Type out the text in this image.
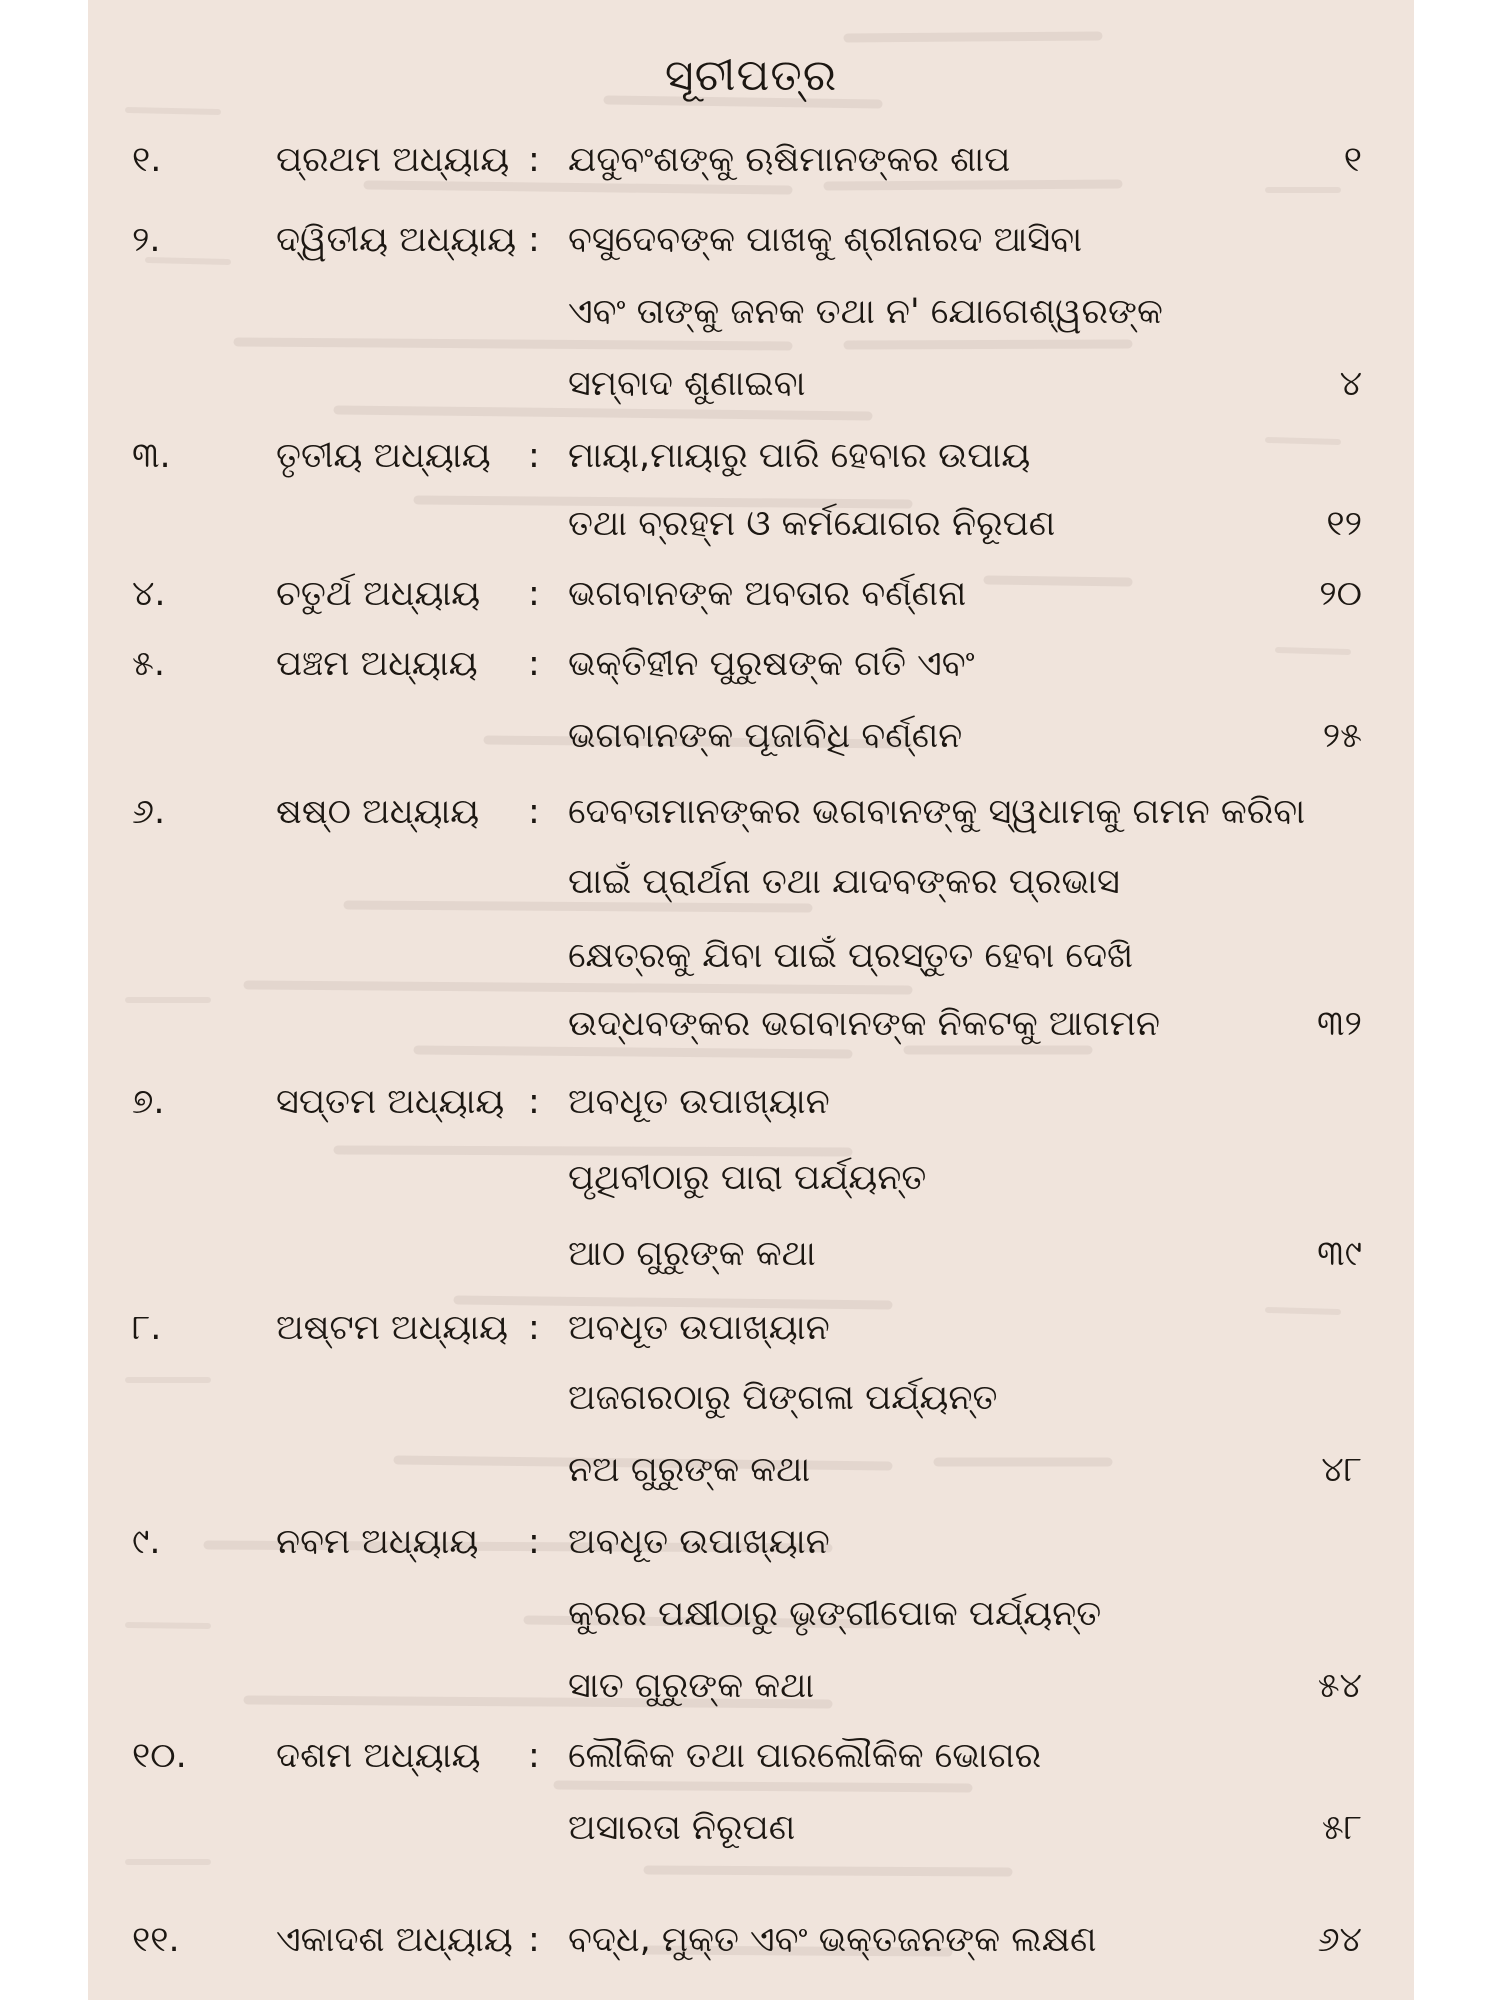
ସୂଚୀପତ୍ର
୧.	ପ୍ରଥମ ଅଧ୍ୟାୟ : ଯଦୁବଂଶଙ୍କୁ ଋଷିମାନଙ୍କର ଶାପ	୧
୨.	ଦ୍ୱିତୀୟ ଅଧ୍ୟାୟ : ବସୁଦେବଙ୍କ ପାଖକୁ ଶ୍ରୀନାରଦ ଆସିବା
ଏବଂ ତାଙ୍କୁ ଜନକ ତଥା ନ' ଯୋଗେଶ୍ୱରଙ୍କ
ସମ୍ବାଦ ଶୁଣାଇବା	୪
୩.	ତୃତୀୟ ଅଧ୍ୟାୟ : ମାୟା,ମାୟାରୁ ପାରି ହେବାର ଉପାୟ
ତଥା ବ୍ରହ୍ମ ଓ କର୍ମଯୋଗର ନିରୂପଣ	୧୨
୪.	ଚତୁର୍ଥ ଅଧ୍ୟାୟ : ଭଗବାନଙ୍କ ଅବତାର ବର୍ଣ୍ଣନା	୨୦
୫.	ପଞ୍ଚମ ଅଧ୍ୟାୟ : ଭକ୍ତିହୀନ ପୁରୁଷଙ୍କ ଗତି ଏବଂ
ଭଗବାନଙ୍କ ପୂଜାବିଧି ବର୍ଣ୍ଣନ	୨୫
୬.	ଷଷ୍ଠ ଅଧ୍ୟାୟ : ଦେବତାମାନଙ୍କର ଭଗବାନଙ୍କୁ ସ୍ୱଧାମକୁ ଗମନ କରିବା
ପାଇଁ ପ୍ରାର୍ଥନା ତଥା ଯାଦବଙ୍କର ପ୍ରଭାସ
କ୍ଷେତ୍ରକୁ ଯିବା ପାଇଁ ପ୍ରସ୍ତୁତ ହେବା ଦେଖି
ଉଦ୍ଧବଙ୍କର ଭଗବାନଙ୍କ ନିକଟକୁ ଆଗମନ	୩୨
୭.	ସପ୍ତମ ଅଧ୍ୟାୟ : ଅବଧୂତ ଉପାଖ୍ୟାନ
ପୃଥିବୀଠାରୁ ପାରା ପର୍ଯ୍ୟନ୍ତ
ଆଠ ଗୁରୁଙ୍କ କଥା	୩୯
୮.	ଅଷ୍ଟମ ଅଧ୍ୟାୟ : ଅବଧୂତ ଉପାଖ୍ୟାନ
ଅଜଗରଠାରୁ ପିଙ୍ଗଳା ପର୍ଯ୍ୟନ୍ତ
ନଅ ଗୁରୁଙ୍କ କଥା	୪୮
୯.	ନବମ ଅଧ୍ୟାୟ : ଅବଧୂତ ଉପାଖ୍ୟାନ
କୁରର ପକ୍ଷୀଠାରୁ ଭୃଙ୍ଗୀପୋକ ପର୍ଯ୍ୟନ୍ତ
ସାତ ଗୁରୁଙ୍କ କଥା	୫୪
୧୦.	ଦଶମ ଅଧ୍ୟାୟ : ଲୌକିକ ତଥା ପାରଲୌକିକ ଭୋଗର
ଅସାରତା ନିରୂପଣ	୫୮
୧୧.	ଏକାଦଶ ଅଧ୍ୟାୟ : ବଦ୍ଧ, ମୁକ୍ତ ଏବଂ ଭକ୍ତଜନଙ୍କ ଲକ୍ଷଣ	୬୪
